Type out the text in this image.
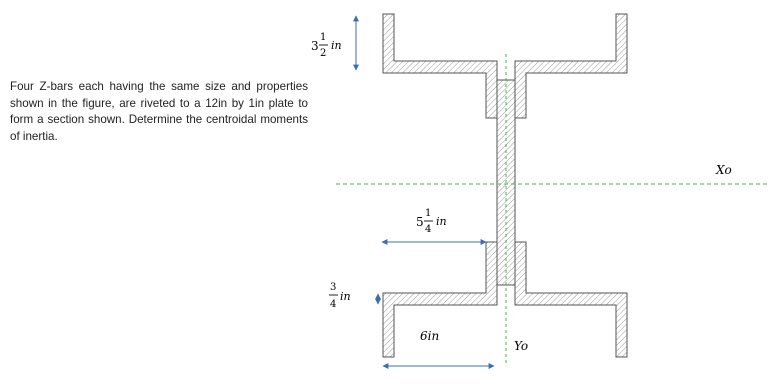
Four Z-bars each having the same size and properties shown in the figure, are riveted to a 12in by 1in plate to form a section shown. Determine the centroidal moments of inertia.
3
1
2
in
5
1
4
in
3
4
in
6in
Xo
Yo
